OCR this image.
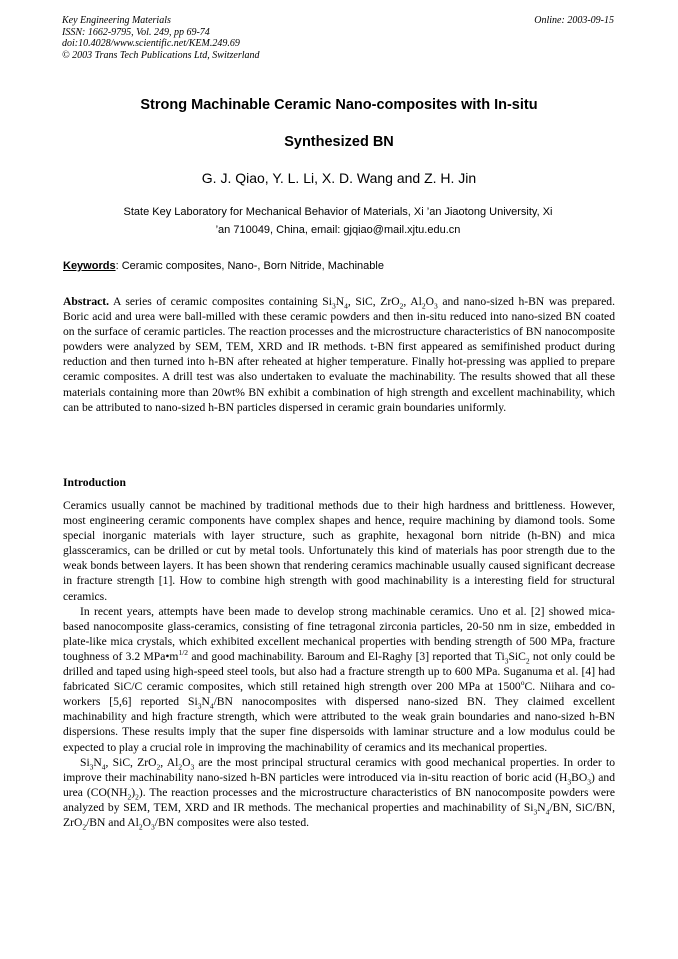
Key Engineering Materials
ISSN: 1662-9795, Vol. 249, pp 69-74
doi:10.4028/www.scientific.net/KEM.249.69
© 2003 Trans Tech Publications Ltd, Switzerland
Online: 2003-09-15
Strong Machinable Ceramic Nano-composites with In-situ
Synthesized BN
G. J. Qiao, Y. L. Li, X. D. Wang and Z. H. Jin
State Key Laboratory for Mechanical Behavior of Materials, Xi ’an Jiaotong University, Xi
’an 710049, China, email: gjqiao@mail.xjtu.edu.cn
Keywords: Ceramic composites, Nano-, Born Nitride, Machinable
Abstract. A series of ceramic composites containing $Si_3N_4$, SiC, ZrO$_2$, $Al_2O_3$ and nano-sized h-BN was prepared. Boric acid and urea were ball-milled with these ceramic powders and then in-situ reduced into nano-sized BN coated on the surface of ceramic particles. The reaction processes and the microstructure characteristics of BN nanocomposite powders were analyzed by SEM, TEM, XRD and IR methods. t-BN first appeared as semifinished product during reduction and then turned into h-BN after reheated at higher temperature. Finally hot-pressing was applied to prepare ceramic composites. A drill test was also undertaken to evaluate the machinability. The results showed that all these materials containing more than 20wt% BN exhibit a combination of high strength and excellent machinability, which can be attributed to nano-sized h-BN particles dispersed in ceramic grain boundaries uniformly.
Introduction

Ceramics usually cannot be machined by traditional methods due to their high hardness and brittleness. However, most engineering ceramic components have complex shapes and hence, require machining by diamond tools. Some special inorganic materials with layer structure, such as graphite, hexagonal born nitride (h-BN) and mica glassceramics, can be drilled or cut by metal tools. Unfortunately this kind of materials has poor strength due to the weak bonds between layers. It has been shown that rendering ceramics machinable usually caused significant decrease in fracture strength [1]. How to combine high strength with good machinability is a interesting field for structural ceramics.

In recent years, attempts have been made to develop strong machinable ceramics. Uno et al. [2] showed mica-based nanocomposite glass-ceramics, consisting of fine tetragonal zirconia particles, 20-50 nm in size, embedded in plate-like mica crystals, which exhibited excellent mechanical properties with bending strength of 500 MPa, fracture toughness of 3.2 $MPa•m^{1/2}$ and good machinability. Baroum and El-Raghy [3] reported that $Ti_3SiC_2$ not only could be drilled and taped using high-speed steel tools, but also had a fracture strength up to 600 MPa. Suganuma et al. [4] had fabricated SiC/C ceramic composites, which still retained high strength over 200 MPa at 1500$^o$C. Niihara and co-workers [5,6] reported $Si_3N_4/BN$ nanocomposites with dispersed nano-sized BN. They claimed excellent machinability and high fracture strength, which were attributed to the weak grain boundaries and nano-sized h-BN dispersions. These results imply that the super fine dispersoids with laminar structure and a low modulus could be expected to play a crucial role in improving the machinability of ceramics and its mechanical properties.

$Si_3N_4$, SiC, ZrO$_2$, $Al_2O_3$ are the most principal structural ceramics with good mechanical properties. In order to improve their machinability nano-sized h-BN particles were introduced via in-situ reaction of boric acid $(H_3BO_3)$ and urea $(CO(NH_2)_2)$. The reaction processes and the microstructure characteristics of BN nanocomposite powders were analyzed by SEM, TEM, XRD and IR methods. The mechanical properties and machinability of $Si_3N_4/BN$, SiC/BN, ZrO$_2$/BN and $Al_2O_3/BN$ composites were also tested.
